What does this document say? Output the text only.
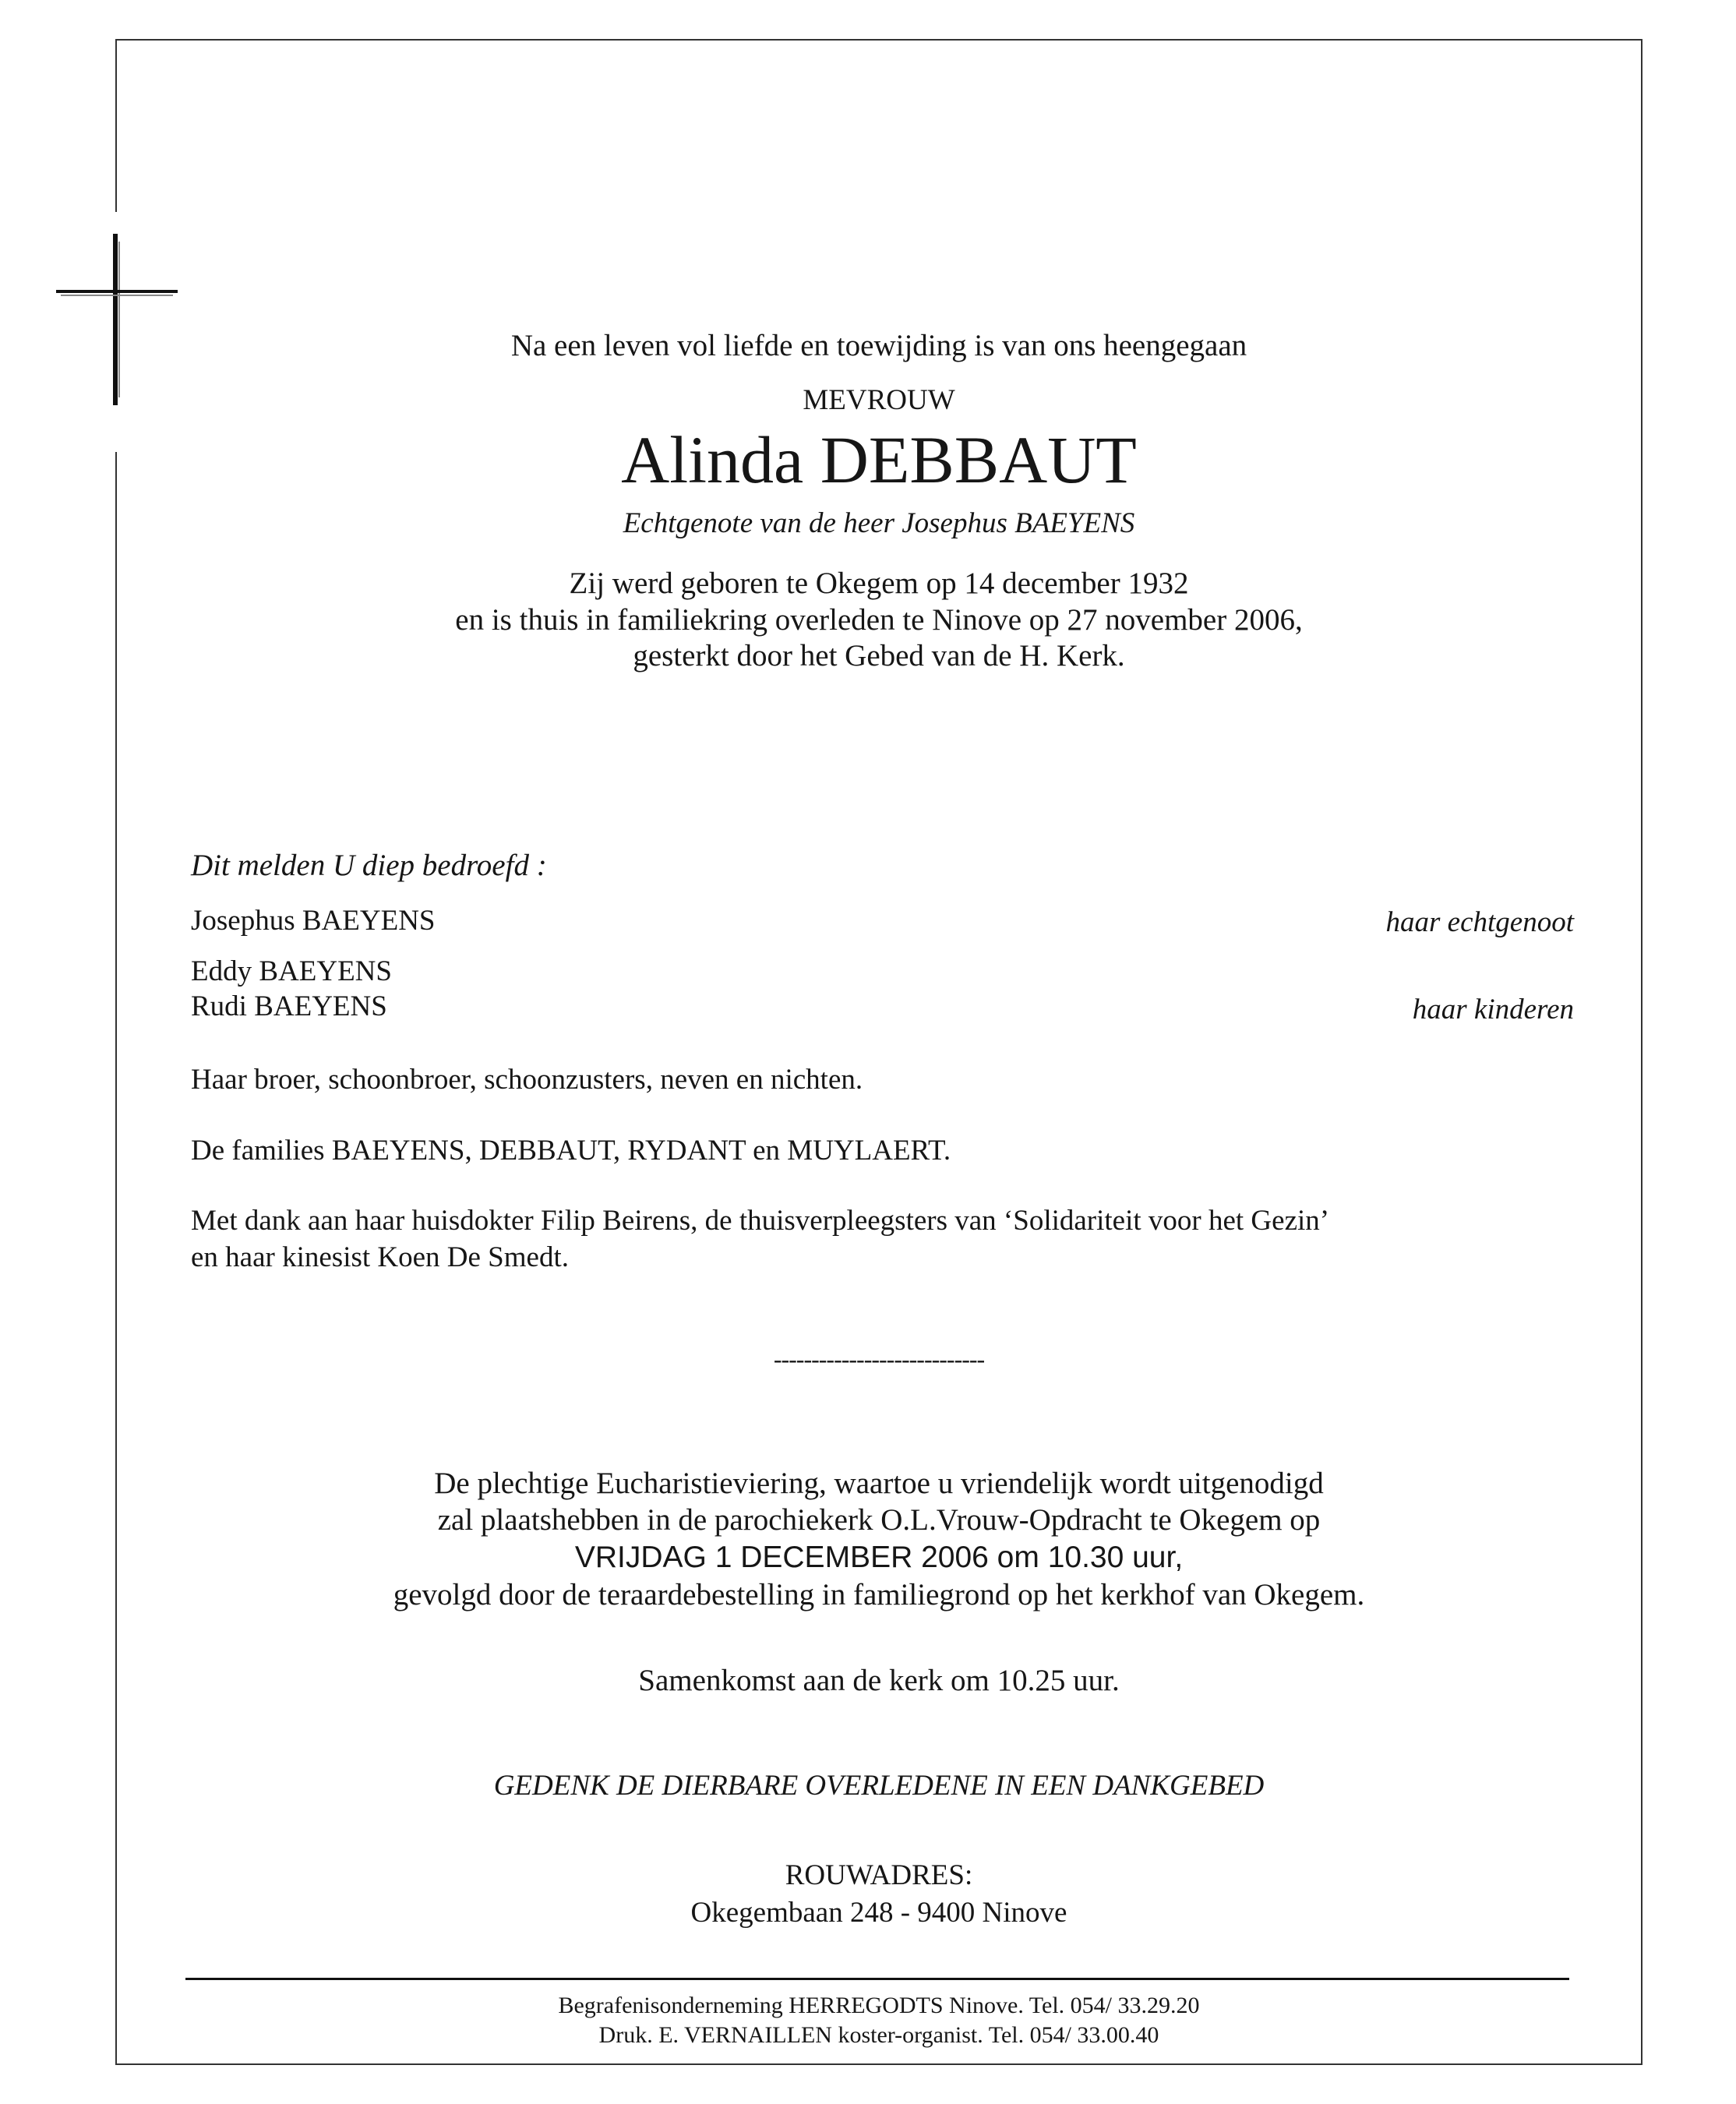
Na een leven vol liefde en toewijding is van ons heengegaan
MEVROUW
Alinda DEBBAUT
Echtgenote van de heer Josephus BAEYENS
Zij werd geboren te Okegem op 14 december 1932
en is thuis in familiekring overleden te Ninove op 27 november 2006,
gesterkt door het Gebed van de H. Kerk.
Dit melden U diep bedroefd :
Josephus BAEYENS	haar echtgenoot
Eddy BAEYENS
Rudi BAEYENS	haar kinderen
Haar broer, schoonbroer, schoonzusters, neven en nichten.
De families BAEYENS, DEBBAUT, RYDANT en MUYLAERT.
Met dank aan haar huisdokter Filip Beirens, de thuisverpleegsters van ‘Solidariteit voor het Gezin’
en haar kinesist Koen De Smedt.
----------------------------
De plechtige Eucharistieviering, waartoe u vriendelijk wordt uitgenodigd
zal plaatshebben in de parochiekerk O.L.Vrouw-Opdracht te Okegem op
VRIJDAG 1 DECEMBER 2006 om 10.30 uur,
gevolgd door de teraardebestelling in familiegrond op het kerkhof van Okegem.
Samenkomst aan de kerk om 10.25 uur.
GEDENK DE DIERBARE OVERLEDENE IN EEN DANKGEBED
ROUWADRES:
Okegembaan 248 - 9400 Ninove
Begrafenisonderneming HERREGODTS Ninove. Tel. 054/ 33.29.20
Druk. E. VERNAILLEN koster-organist. Tel. 054/ 33.00.40
